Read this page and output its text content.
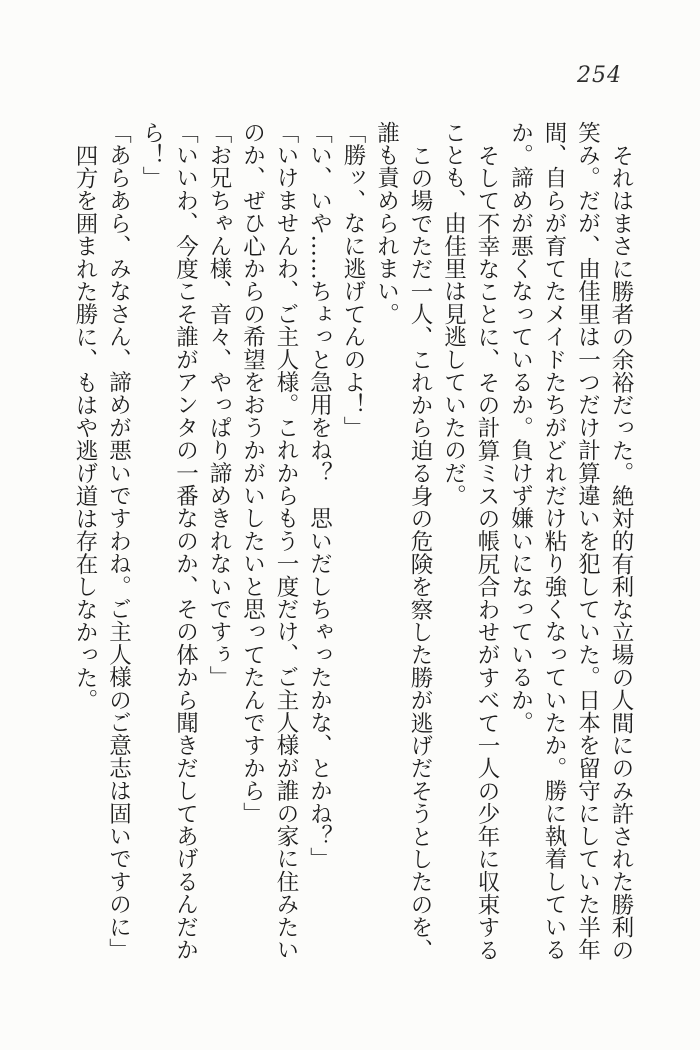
254

それはまさに勝者の余裕だった。絶対的有利な立場の人間にのみ許された勝利の笑み。だが、由佳里は一つだけ計算違いを犯していた。日本を留守にしていた半年間、自らが育てたメイドたちがどれだけ粘り強くなっていたか。勝に執着しているか。諦めが悪くなっているか。負けず嫌いになっているか。

そして不幸なことに、その計算ミスの帳尻合わせがすべて一人の少年に収束することも、由佳里は見逃していたのだ。

この場でただ一人、これから迫る身の危険を察した勝が逃げだそうとしたのを、誰も責められまい。

「勝ッ、なに逃げてんのよ！」

「い、いや……ちょっと急用をね？　思いだしちゃったかな、とかね？」

「いけませんわ、ご主人様。これからもう一度だけ、ご主人様が誰の家に住みたいのか、ぜひ心からの希望をおうかがいしたいと思ってたんですから」

「お兄ちゃん様、音々、やっぱり諦めきれないですぅ」

「いいわ、今度こそ誰がアンタの一番なのか、その体から聞きだしてあげるんだから！」

「あらあら、みなさん、諦めが悪いですわね。ご主人様のご意志は固いですのに」

四方を囲まれた勝に、もはや逃げ道は存在しなかった。
